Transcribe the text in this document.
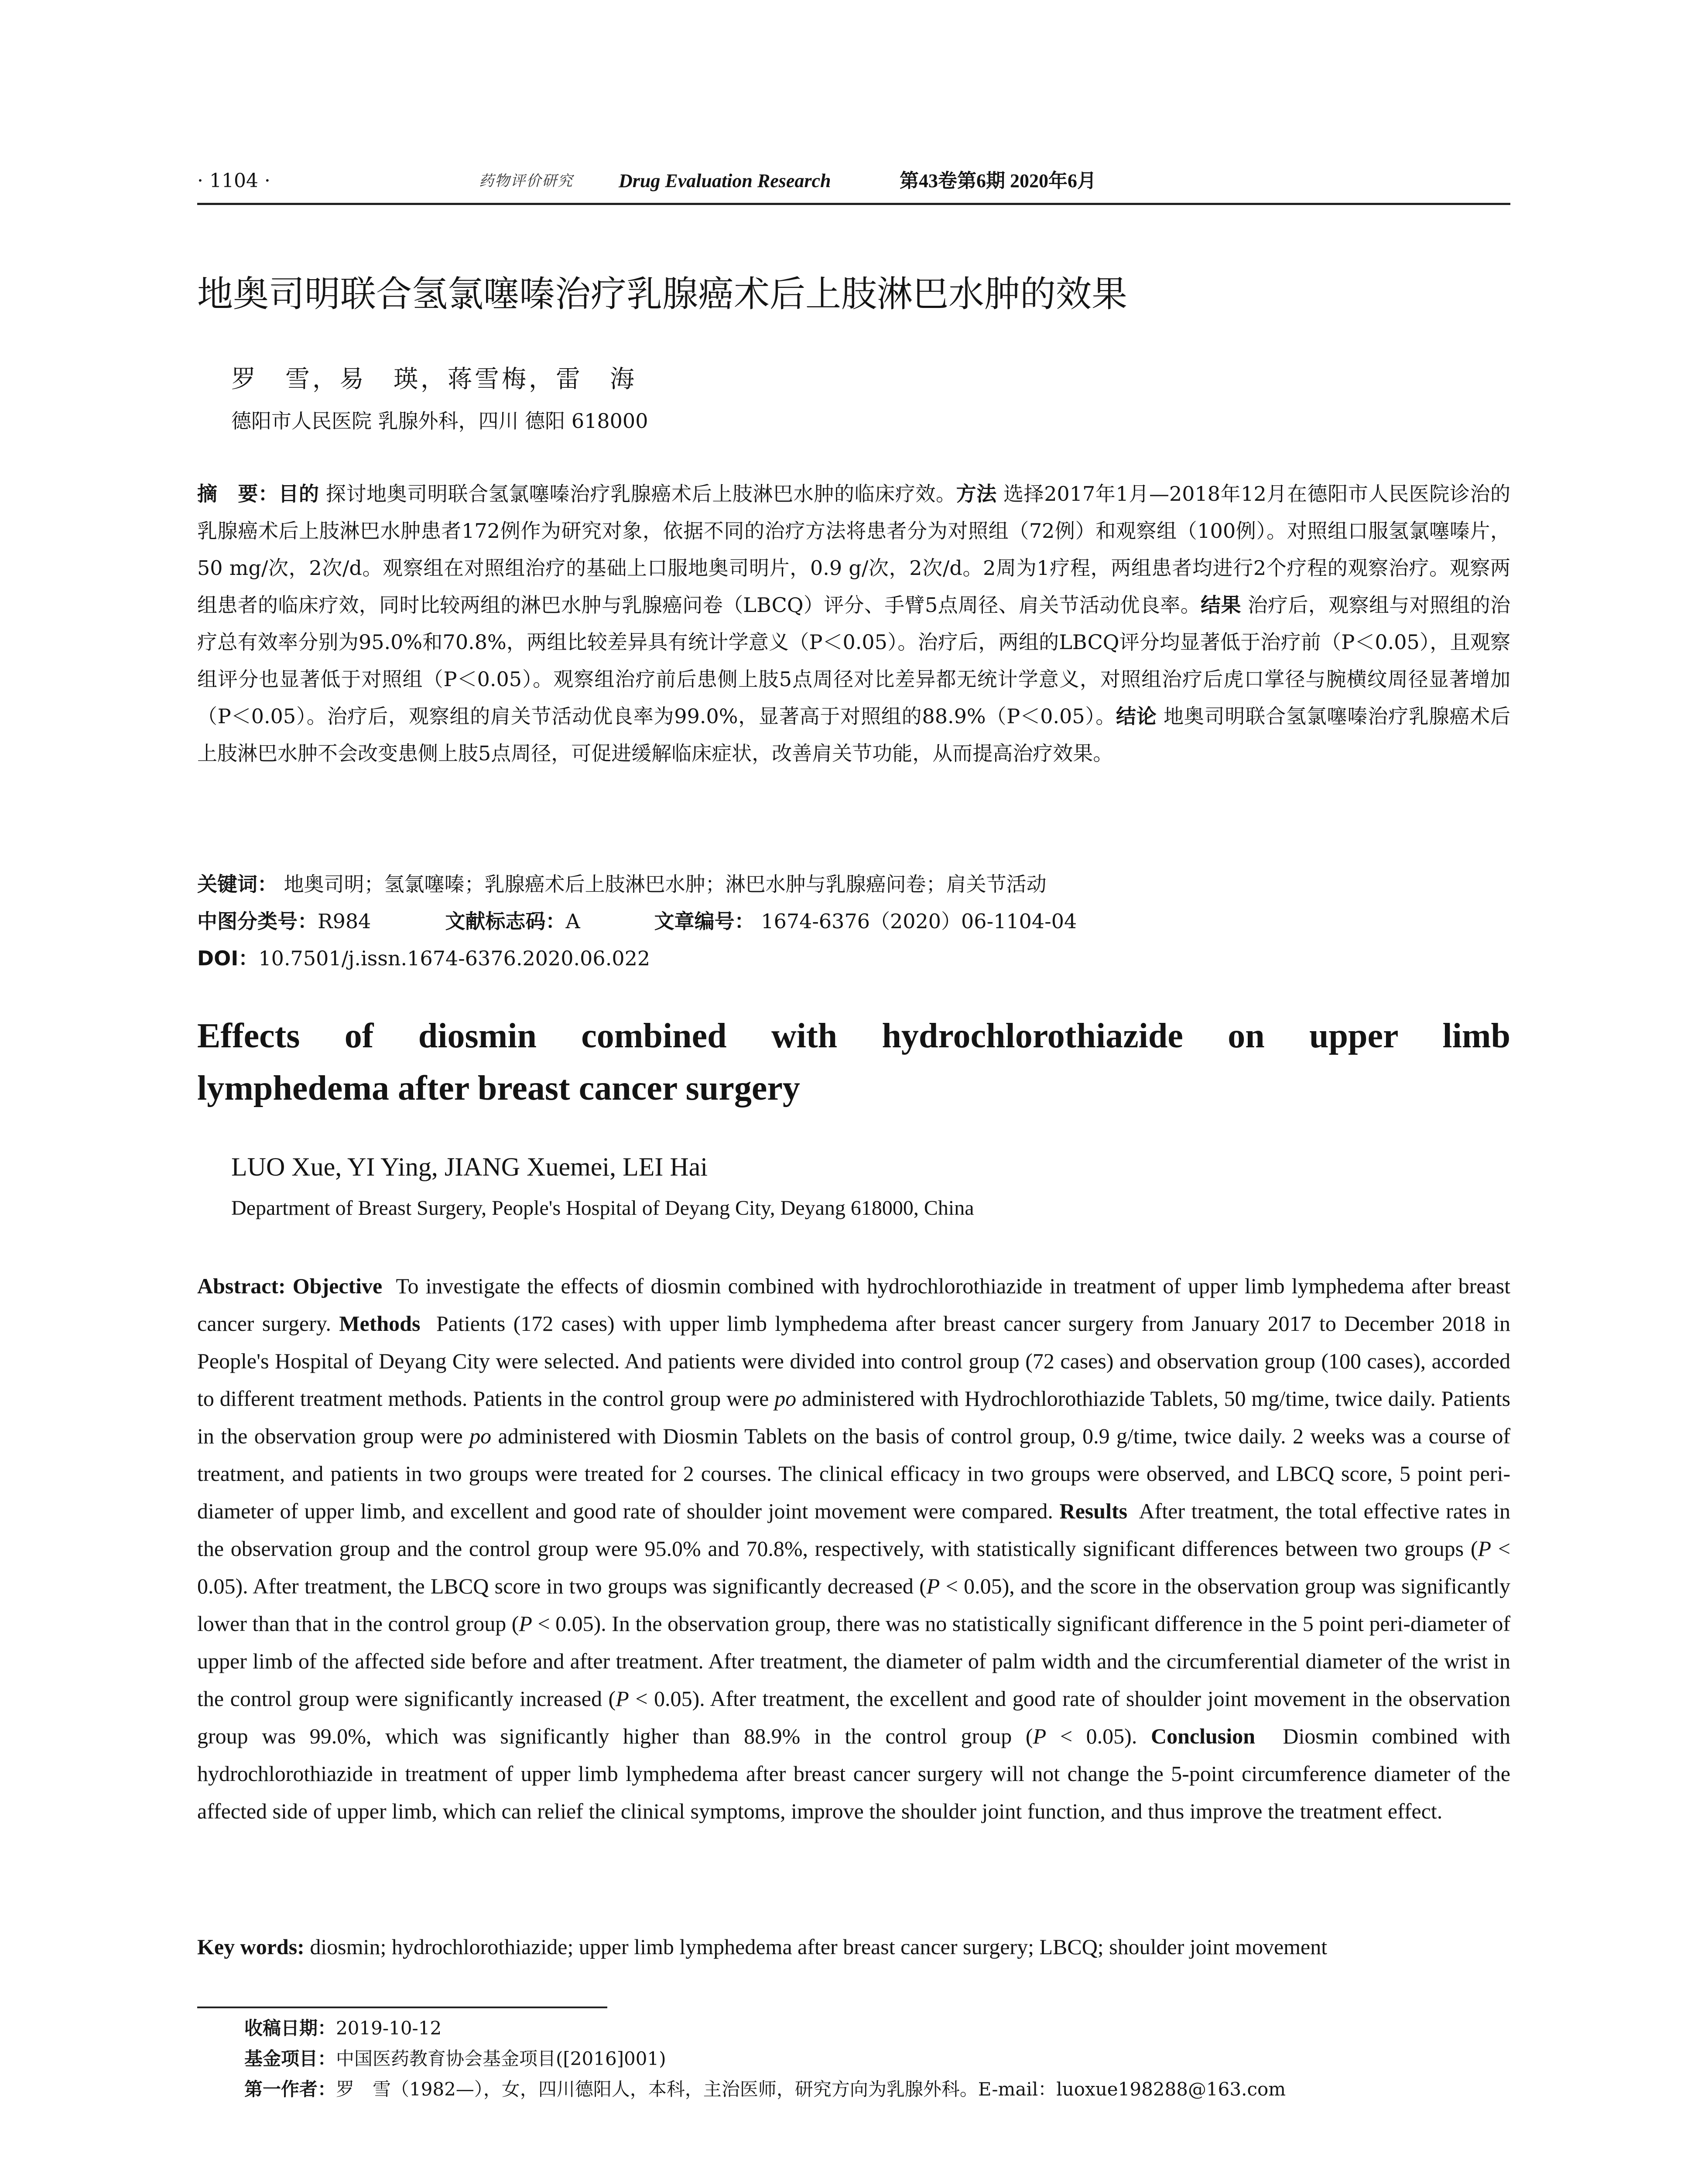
· 1104 ·	药物评价研究 Drug Evaluation Research	第43卷第6期 2020年6月
地奥司明联合氢氯噻嗪治疗乳腺癌术后上肢淋巴水肿的效果
罗　雪，易　瑛，蒋雪梅，雷　海
德阳市人民医院 乳腺外科，四川 德阳 618000
摘　要：目的 探讨地奥司明联合氢氯噻嗪治疗乳腺癌术后上肢淋巴水肿的临床疗效。方法 选择2017年1月—2018年12月在德阳市人民医院诊治的乳腺癌术后上肢淋巴水肿患者172例作为研究对象，依据不同的治疗方法将患者分为对照组（72例）和观察组（100例）。对照组口服氢氯噻嗪片，50 mg/次，2次/d。观察组在对照组治疗的基础上口服地奥司明片，0.9 g/次，2次/d。2周为1疗程，两组患者均进行2个疗程的观察治疗。观察两组患者的临床疗效，同时比较两组的淋巴水肿与乳腺癌问卷（LBCQ）评分、手臂5点周径、肩关节活动优良率。结果 治疗后，观察组与对照组的治疗总有效率分别为95.0%和70.8%，两组比较差异具有统计学意义（P＜0.05）。治疗后，两组的LBCQ评分均显著低于治疗前（P＜0.05），且观察组评分也显著低于对照组（P＜0.05）。观察组治疗前后患侧上肢5点周径对比差异都无统计学意义，对照组治疗后虎口掌径与腕横纹周径显著增加（P＜0.05）。治疗后，观察组的肩关节活动优良率为99.0%，显著高于对照组的88.9%（P＜0.05）。结论 地奥司明联合氢氯噻嗪治疗乳腺癌术后上肢淋巴水肿不会改变患侧上肢5点周径，可促进缓解临床症状，改善肩关节功能，从而提高治疗效果。
关键词： 地奥司明；氢氯噻嗪；乳腺癌术后上肢淋巴水肿；淋巴水肿与乳腺癌问卷；肩关节活动
中图分类号：R984	文献标志码：A	文章编号： 1674-6376（2020）06-1104-04
DOI：10.7501/j.issn.1674-6376.2020.06.022
Effects of diosmin combined with hydrochlorothiazide on upper limb
lymphedema after breast cancer surgery
LUO Xue, YI Ying, JIANG Xuemei, LEI Hai
Department of Breast Surgery, People's Hospital of Deyang City, Deyang 618000, China
Abstract: Objective To investigate the effects of diosmin combined with hydrochlorothiazide in treatment of upper limb lymphedema after breast cancer surgery. Methods Patients (172 cases) with upper limb lymphedema after breast cancer surgery from January 2017 to December 2018 in People's Hospital of Deyang City were selected. And patients were divided into control group (72 cases) and observation group (100 cases), accorded to different treatment methods. Patients in the control group were po administered with Hydrochlorothiazide Tablets, 50 mg/time, twice daily. Patients in the observation group were po administered with Diosmin Tablets on the basis of control group, 0.9 g/time, twice daily. 2 weeks was a course of treatment, and patients in two groups were treated for 2 courses. The clinical efficacy in two groups were observed, and LBCQ score, 5 point peri-diameter of upper limb, and excellent and good rate of shoulder joint movement were compared. Results After treatment, the total effective rates in the observation group and the control group were 95.0% and 70.8%, respectively, with statistically significant differences between two groups (P < 0.05). After treatment, the LBCQ score in two groups was significantly decreased (P < 0.05), and the score in the observation group was significantly lower than that in the control group (P < 0.05). In the observation group, there was no statistically significant difference in the 5 point peri-diameter of upper limb of the affected side before and after treatment. After treatment, the diameter of palm width and the circumferential diameter of the wrist in the control group were significantly increased (P < 0.05). After treatment, the excellent and good rate of shoulder joint movement in the observation group was 99.0%, which was significantly higher than 88.9% in the control group (P < 0.05). Conclusion Diosmin combined with hydrochlorothiazide in treatment of upper limb lymphedema after breast cancer surgery will not change the 5-point circumference diameter of the affected side of upper limb, which can relief the clinical symptoms, improve the shoulder joint function, and thus improve the treatment effect.
Key words: diosmin; hydrochlorothiazide; upper limb lymphedema after breast cancer surgery; LBCQ; shoulder joint movement
收稿日期：2019-10-12
基金项目：中国医药教育协会基金项目([2016]001)
第一作者：罗　雪（1982—），女，四川德阳人，本科，主治医师，研究方向为乳腺外科。E-mail：luoxue198288@163.com
